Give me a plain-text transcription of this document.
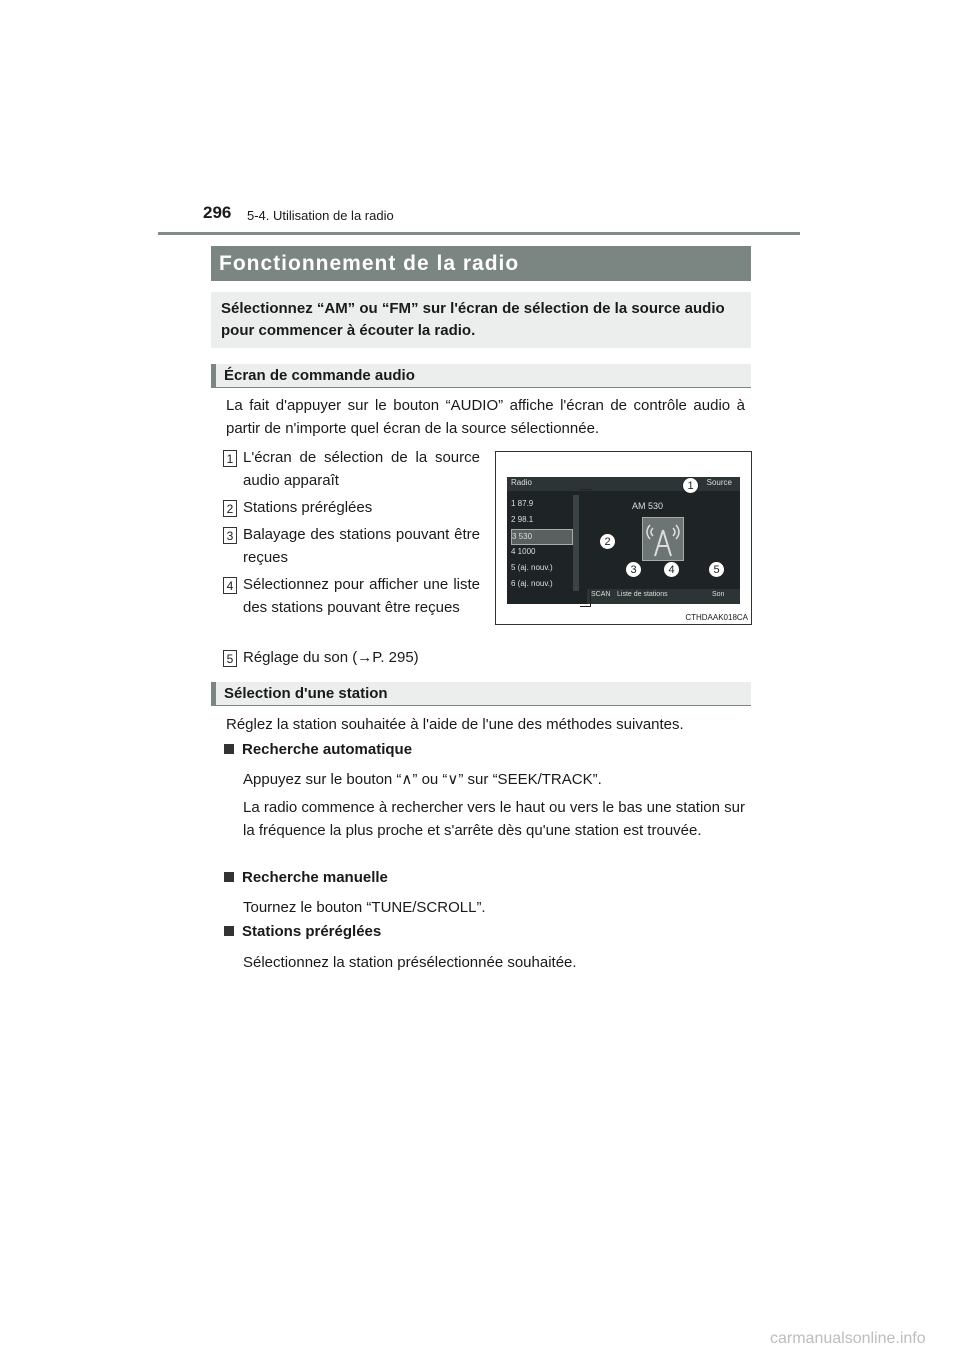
296 5-4. Utilisation de la radio
Fonctionnement de la radio
Sélectionnez “AM” ou “FM” sur l'écran de sélection de la source audio pour commencer à écouter la radio.
Écran de commande audio
La fait d'appuyer sur le bouton “AUDIO” affiche l'écran de contrôle audio à partir de n'importe quel écran de la source sélectionnée.
1 L'écran de sélection de la source audio apparaît
2 Stations préréglées
3 Balayage des stations pouvant être reçues
4 Sélectionnez pour afficher une liste des stations pouvant être reçues
5 Réglage du son (→P. 295)
Radio	Source
1 87.9
2 98.1
3 530
4 1000
5 (aj. nouv.)
6 (aj. nouv.)
AM 530
SCAN Liste de stations	Son
1
2
3	4	5
CTHDAAK018CA
Sélection d'une station
Réglez la station souhaitée à l'aide de l'une des méthodes suivantes.
Recherche automatique
Appuyez sur le bouton “∧” ou “∨” sur “SEEK/TRACK”.
La radio commence à rechercher vers le haut ou vers le bas une station sur la fréquence la plus proche et s'arrête dès qu'une station est trouvée.
Recherche manuelle
Tournez le bouton “TUNE/SCROLL”.
Stations préréglées
Sélectionnez la station présélectionnée souhaitée.
carmanualsonline.info
